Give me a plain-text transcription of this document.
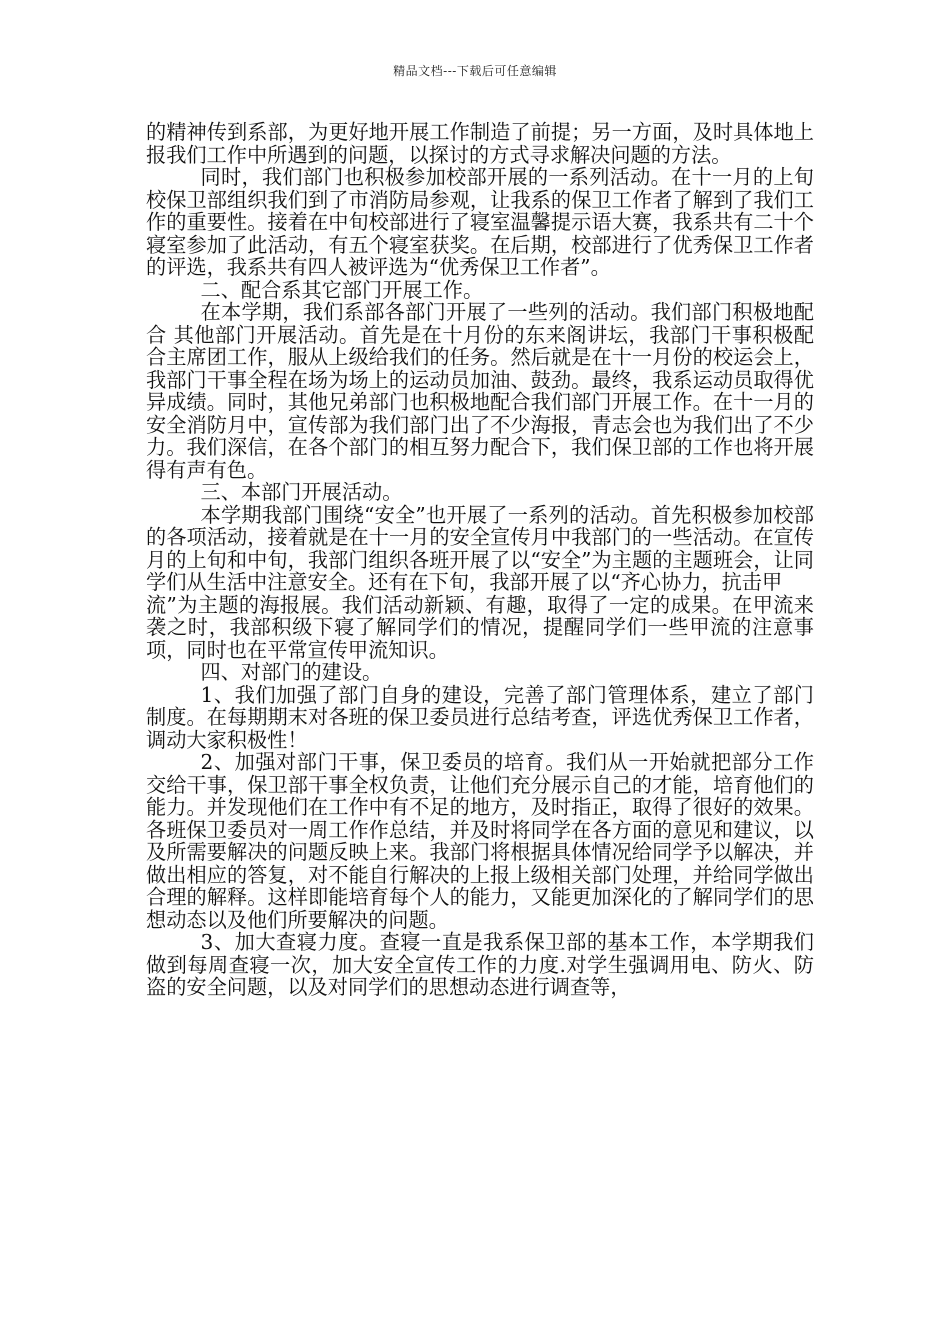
精品文档---下载后可任意编辑

的精神传到系部，为更好地开展工作制造了前提；另一方面，及时具体地上报我们工作中所遇到的问题，以探讨的方式寻求解决问题的方法。

同时，我们部门也积极参加校部开展的一系列活动。在十一月的上旬校保卫部组织我们到了市消防局参观，让我系的保卫工作者了解到了我们工作的重要性。接着在中旬校部进行了寝室温馨提示语大赛，我系共有二十个寝室参加了此活动，有五个寝室获奖。在后期，校部进行了优秀保卫工作者的评选，我系共有四人被评选为“优秀保卫工作者”。

二、配合系其它部门开展工作。

在本学期，我们系部各部门开展了一些列的活动。我们部门积极地配合 其他部门开展活动。首先是在十月份的东来阁讲坛，我部门干事积极配合主席团工作，服从上级给我们的任务。然后就是在十一月份的校运会上，我部门干事全程在场为场上的运动员加油、鼓劲。最终，我系运动员取得优异成绩。同时，其他兄弟部门也积极地配合我们部门开展工作。在十一月的安全消防月中，宣传部为我们部门出了不少海报，青志会也为我们出了不少力。我们深信，在各个部门的相互努力配合下，我们保卫部的工作也将开展得有声有色。

三、本部门开展活动。

本学期我部门围绕“安全”也开展了一系列的活动。首先积极参加校部的各项活动，接着就是在十一月的安全宣传月中我部门的一些活动。在宣传月的上旬和中旬，我部门组织各班开展了以“安全”为主题的主题班会，让同学们从生活中注意安全。还有在下旬，我部开展了以“齐心协力，抗击甲

流”为主题的海报展。我们活动新颖、有趣，取得了一定的成果。在甲流来袭之时，我部积级下寝了解同学们的情况，提醒同学们一些甲流的注意事项，同时也在平常宣传甲流知识。

四、对部门的建设。

1、我们加强了部门自身的建设，完善了部门管理体系，建立了部门制度。在每期期末对各班的保卫委员进行总结考查，评选优秀保卫工作者，调动大家积极性！

2、加强对部门干事，保卫委员的培育。我们从一开始就把部分工作交给干事，保卫部干事全权负责，让他们充分展示自己的才能，培育他们的能力。并发现他们在工作中有不足的地方，及时指正，取得了很好的效果。各班保卫委员对一周工作作总结，并及时将同学在各方面的意见和建议，以及所需要解决的问题反映上来。我部门将根据具体情况给同学予以解决，并做出相应的答复，对不能自行解决的上报上级相关部门处理，并给同学做出合理的解释。这样即能培育每个人的能力，又能更加深化的了解同学们的思想动态以及他们所要解决的问题。

3、加大查寝力度。查寝一直是我系保卫部的基本工作，本学期我们做到每周查寝一次，加大安全宣传工作的力度.对学生强调用电、防火、防盗的安全问题，以及对同学们的思想动态进行调查等，
